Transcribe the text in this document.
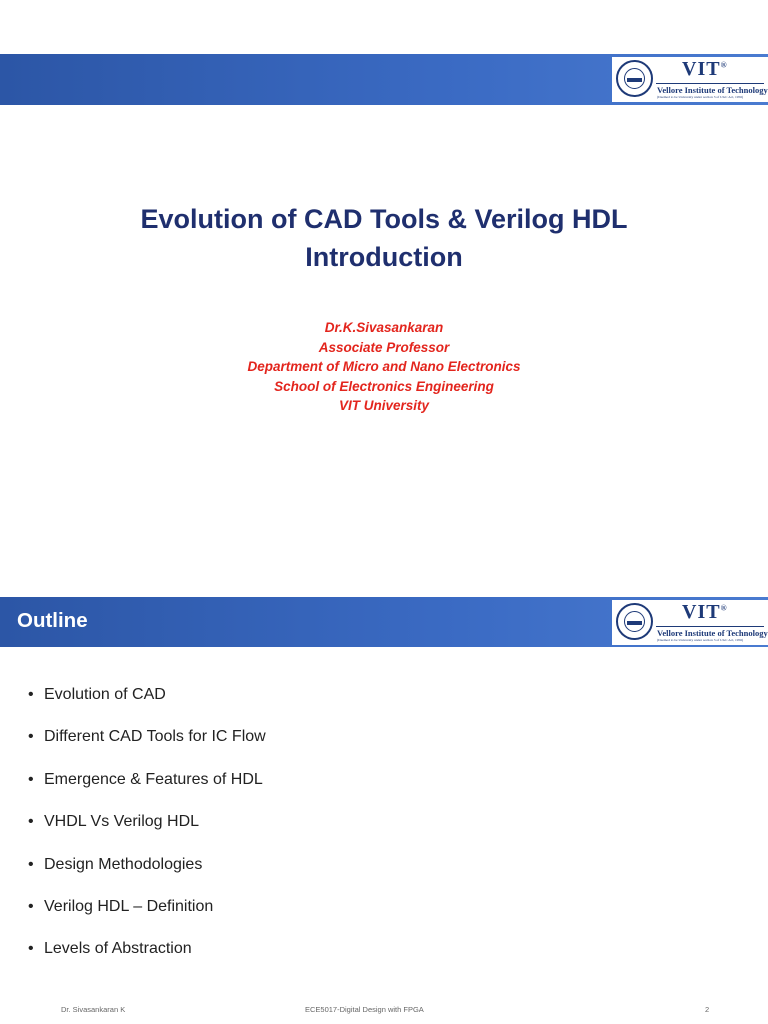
VIT®
Vellore Institute of Technology
(Deemed to be University under section 3 of UGC Act, 1956)
Evolution of CAD Tools & Verilog HDL
Introduction
Dr.K.Sivasankaran
Associate Professor
Department of Micro and Nano Electronics
School of Electronics Engineering
VIT University
Outline	VIT®
Vellore Institute of Technology
(Deemed to be University under section 3 of UGC Act, 1956)
• Evolution of CAD
• Different CAD Tools for IC Flow
• Emergence & Features of HDL
• VHDL Vs Verilog HDL
• Design Methodologies
• Verilog HDL – Definition
• Levels of Abstraction
Dr. Sivasankaran K	ECE5017-Digital Design with FPGA	2
